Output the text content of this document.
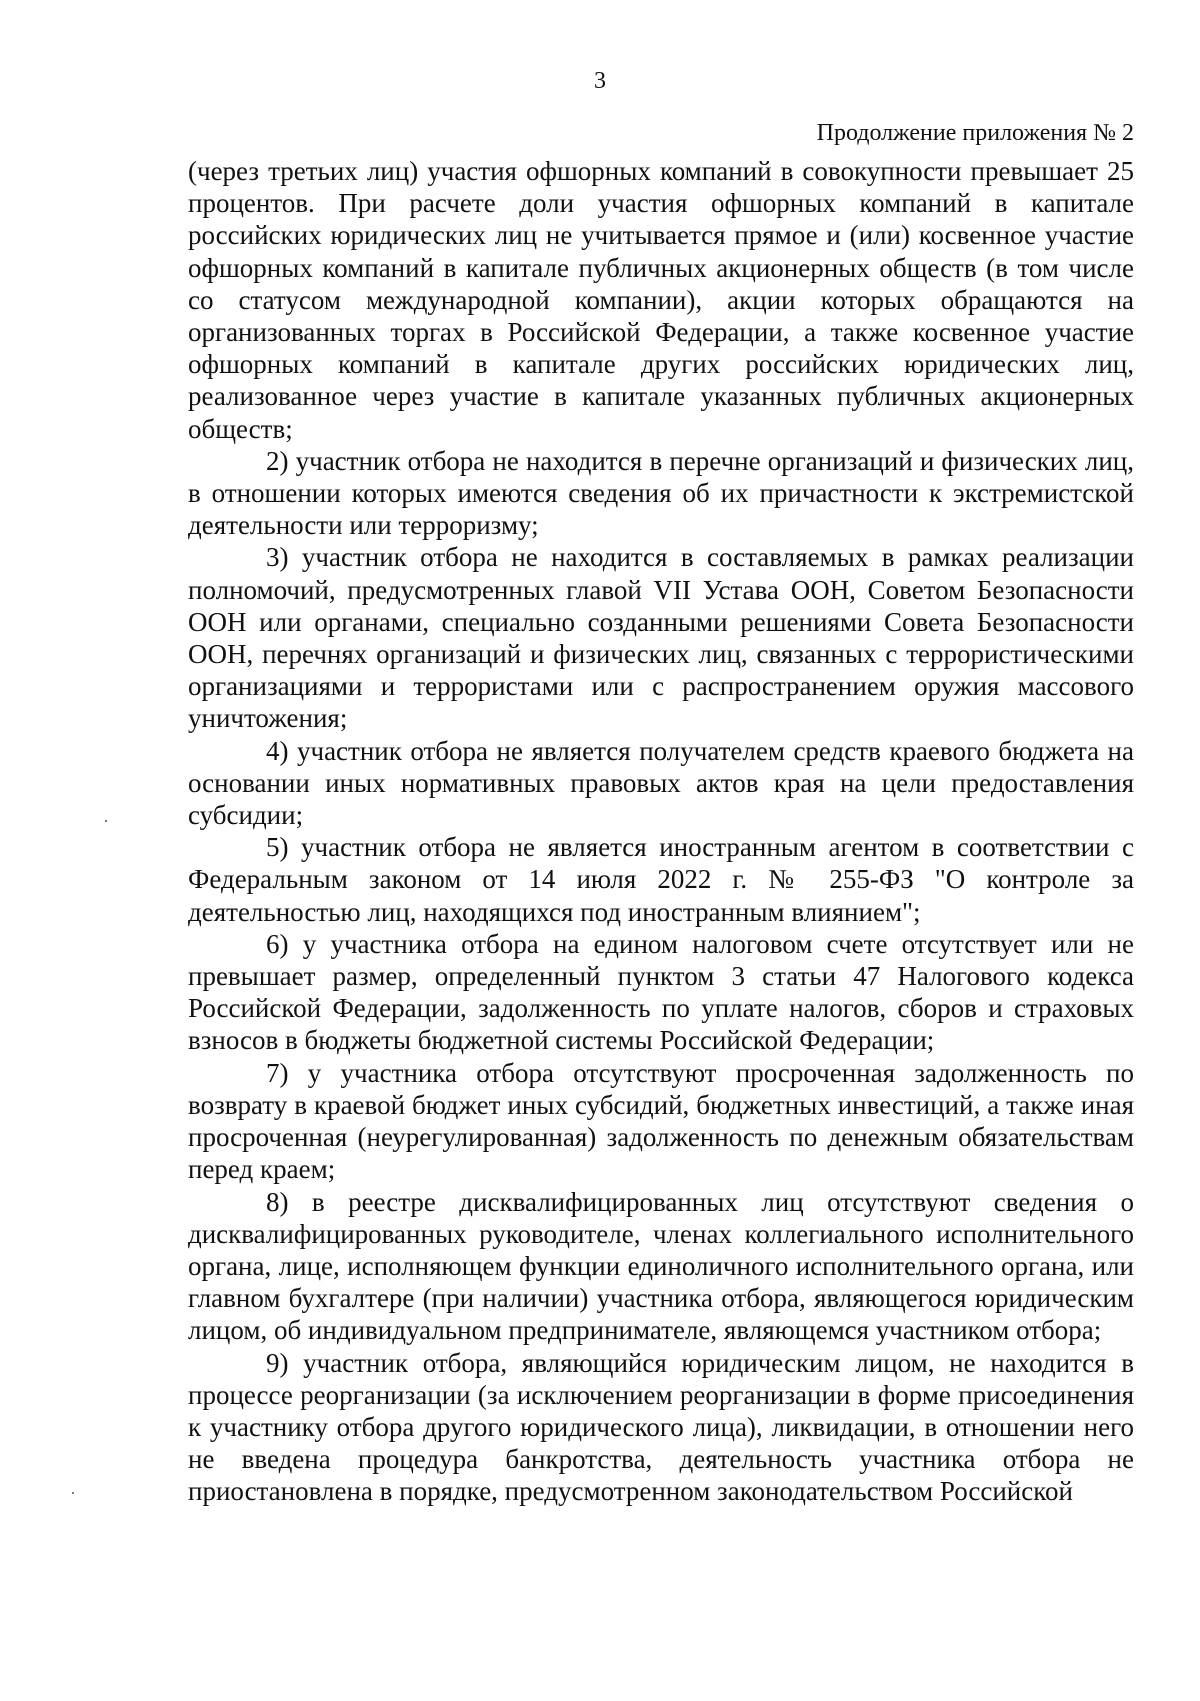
3
Продолжение приложения № 2

(через третьих лиц) участия офшорных компаний в совокупности превышает 25 процентов. При расчете доли участия офшорных компаний в капитале российских юридических лиц не учитывается прямое и (или) косвенное участие офшорных компаний в капитале публичных акционерных обществ (в том числе со статусом международной компании), акции которых обращаются на организованных торгах в Российской Федерации, а также косвенное участие офшорных компаний в капитале других российских юридических лиц, реализованное через участие в капитале указанных публичных акционерных обществ;

2) участник отбора не находится в перечне организаций и физических лиц, в отношении которых имеются сведения об их причастности к экстремистской деятельности или терроризму;

3) участник отбора не находится в составляемых в рамках реализации полномочий, предусмотренных главой VII Устава ООН, Советом Безопасности ООН или органами, специально созданными решениями Совета Безопасности ООН, перечнях организаций и физических лиц, связанных с террористическими организациями и террористами или с распространением оружия массового уничтожения;

4) участник отбора не является получателем средств краевого бюджета на основании иных нормативных правовых актов края на цели предоставления субсидии;

5) участник отбора не является иностранным агентом в соответствии с Федеральным законом от 14 июля 2022 г. № 255-ФЗ "О контроле за деятельностью лиц, находящихся под иностранным влиянием";

6) у участника отбора на едином налоговом счете отсутствует или не превышает размер, определенный пунктом 3 статьи 47 Налогового кодекса Российской Федерации, задолженность по уплате налогов, сборов и страховых взносов в бюджеты бюджетной системы Российской Федерации;

7) у участника отбора отсутствуют просроченная задолженность по возврату в краевой бюджет иных субсидий, бюджетных инвестиций, а также иная просроченная (неурегулированная) задолженность по денежным обязательствам перед краем;

8) в реестре дисквалифицированных лиц отсутствуют сведения о дисквалифицированных руководителе, членах коллегиального исполнительного органа, лице, исполняющем функции единоличного исполнительного органа, или главном бухгалтере (при наличии) участника отбора, являющегося юридическим лицом, об индивидуальном предпринимателе, являющемся участником отбора;

9) участник отбора, являющийся юридическим лицом, не находится в процессе реорганизации (за исключением реорганизации в форме присоединения к участнику отбора другого юридического лица), ликвидации, в отношении него не введена процедура банкротства, деятельность участника отбора не приостановлена в порядке, предусмотренном законодательством Российской
